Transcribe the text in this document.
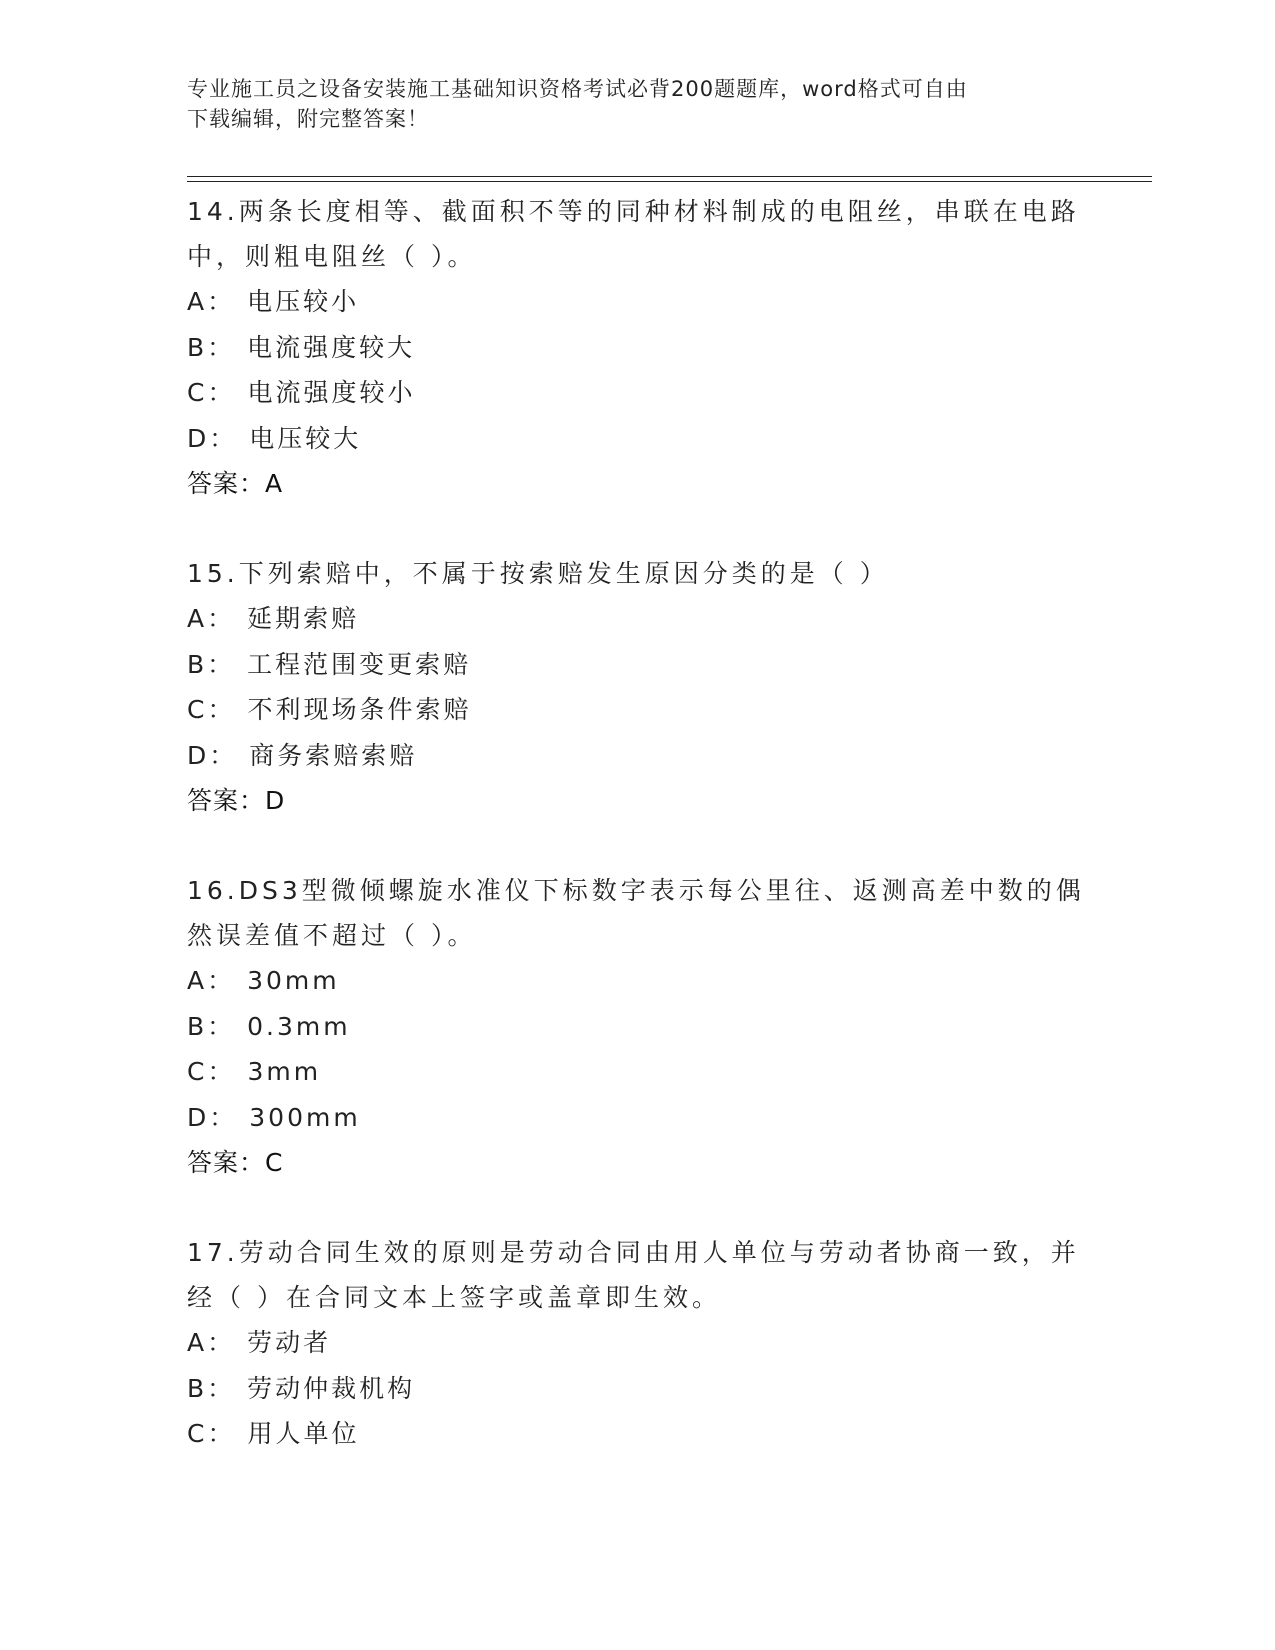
专业施工员之设备安装施工基础知识资格考试必背200题题库，word格式可自由
下载编辑，附完整答案！
14.两条长度相等、截面积不等的同种材料制成的电阻丝，串联在电路中，则粗电阻丝（ ）。
A： 电压较小
B： 电流强度较大
C： 电流强度较小
D： 电压较大
答案：A
15.下列索赔中，不属于按索赔发生原因分类的是（ ）
A： 延期索赔
B： 工程范围变更索赔
C： 不利现场条件索赔
D： 商务索赔索赔
答案：D
16.DS3型微倾螺旋水准仪下标数字表示每公里往、返测高差中数的偶然误差值不超过（ ）。
A： 30mm
B： 0.3mm
C： 3mm
D： 300mm
答案：C
17.劳动合同生效的原则是劳动合同由用人单位与劳动者协商一致，并经（ ）在合同文本上签字或盖章即生效。
A： 劳动者
B： 劳动仲裁机构
C： 用人单位
